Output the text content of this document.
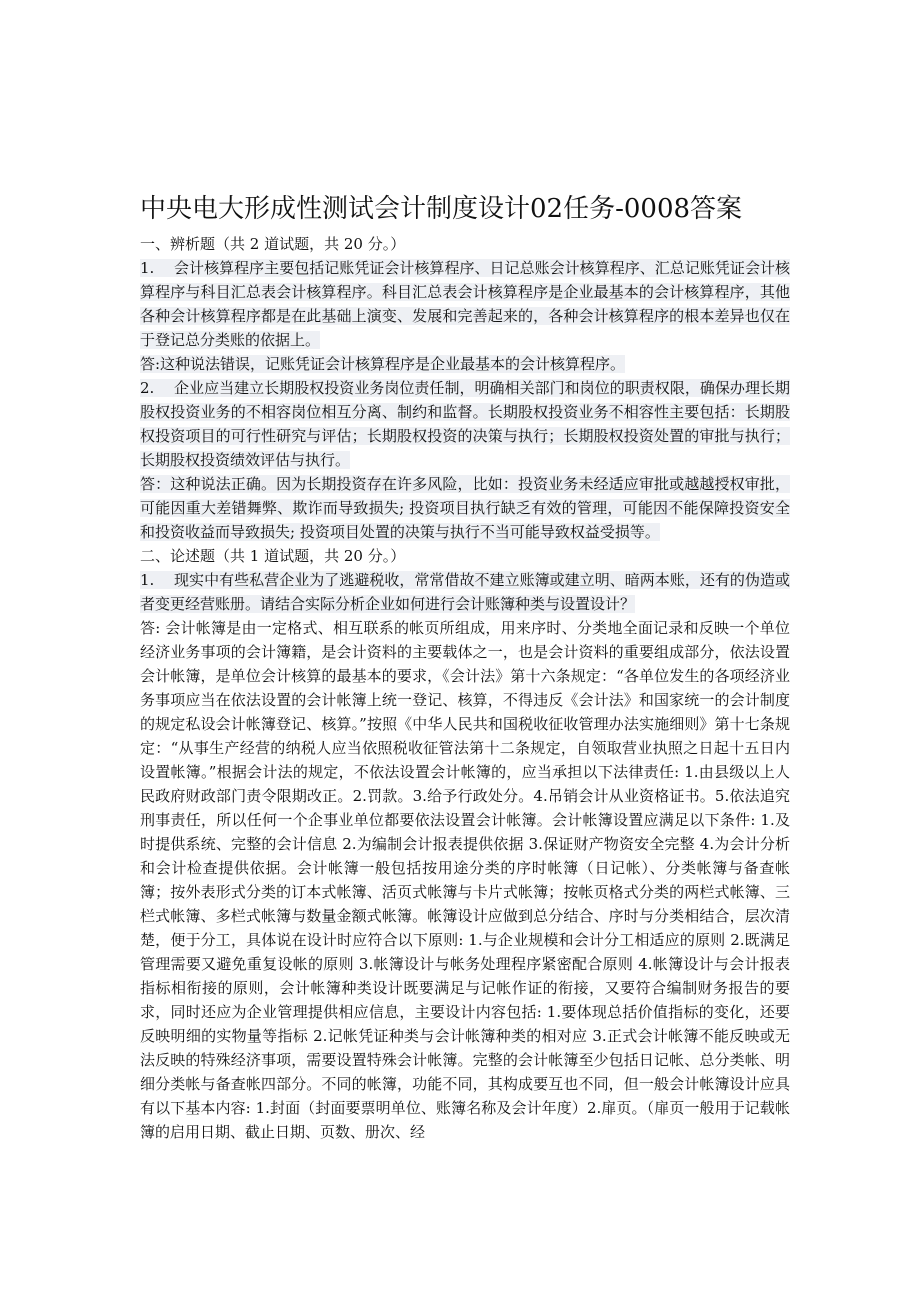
中央电大形成性测试会计制度设计02任务-0008答案

一、辨析题（共 2 道试题，共 20 分。）

1. 会计核算程序主要包括记账凭证会计核算程序、日记总账会计核算程序、汇总记账凭证会计核算程序与科目汇总表会计核算程序。科目汇总表会计核算程序是企业最基本的会计核算程序，其他各种会计核算程序都是在此基础上演变、发展和完善起来的，各种会计核算程序的根本差异也仅在于登记总分类账的依据上。

答:这种说法错误，记账凭证会计核算程序是企业最基本的会计核算程序。

2. 企业应当建立长期股权投资业务岗位责任制，明确相关部门和岗位的职责权限，确保办理长期股权投资业务的不相容岗位相互分离、制约和监督。长期股权投资业务不相容性主要包括：长期股权投资项目的可行性研究与评估；长期股权投资的决策与执行；长期股权投资处置的审批与执行；长期股权投资绩效评估与执行。

答：这种说法正确。因为长期投资存在许多风险，比如：投资业务未经适应审批或越越授权审批，可能因重大差错舞弊、欺诈而导致损失; 投资项目执行缺乏有效的管理，可能因不能保障投资安全和投资收益而导致损失; 投资项目处置的决策与执行不当可能导致权益受损等。

二、论述题（共 1 道试题，共 20 分。）

1. 现实中有些私营企业为了逃避税收，常常借故不建立账簿或建立明、暗两本账，还有的伪造或者变更经营账册。请结合实际分析企业如何进行会计账簿种类与设置设计？

答: 会计帐簿是由一定格式、相互联系的帐页所组成，用来序时、分类地全面记录和反映一个单位经济业务事项的会计簿籍，是会计资料的主要载体之一，也是会计资料的重要组成部分，依法设置会计帐簿，是单位会计核算的最基本的要求，《会计法》第十六条规定：“各单位发生的各项经济业务事项应当在依法设置的会计帐簿上统一登记、核算，不得违反《会计法》和国家统一的会计制度的规定私设会计帐簿登记、核算。”按照《中华人民共和国税收征收管理办法实施细则》第十七条规定：“从事生产经营的纳税人应当依照税收征管法第十二条规定，自领取营业执照之日起十五日内设置帐簿。”根据会计法的规定，不依法设置会计帐簿的，应当承担以下法律责任: 1.由县级以上人民政府财政部门责令限期改正。2.罚款。3.给予行政处分。4.吊销会计从业资格证书。5.依法追究刑事责任，所以任何一个企事业单位都要依法设置会计帐簿。会计帐簿设置应满足以下条件: 1.及时提供系统、完整的会计信息 2.为编制会计报表提供依据 3.保证财产物资安全完整 4.为会计分析和会计检查提供依据。会计帐簿一般包括按用途分类的序时帐簿（日记帐）、分类帐簿与备查帐簿；按外表形式分类的订本式帐簿、活页式帐簿与卡片式帐簿；按帐页格式分类的两栏式帐簿、三栏式帐簿、多栏式帐簿与数量金额式帐簿。帐簿设计应做到总分结合、序时与分类相结合，层次清楚，便于分工，具体说在设计时应符合以下原则: 1.与企业规模和会计分工相适应的原则 2.既满足管理需要又避免重复设帐的原则 3.帐簿设计与帐务处理程序紧密配合原则 4.帐簿设计与会计报表指标相衔接的原则，会计帐簿种类设计既要满足与记帐作证的衔接，又要符合编制财务报告的要求，同时还应为企业管理提供相应信息，主要设计内容包括: 1.要体现总括价值指标的变化，还要反映明细的实物量等指标 2.记帐凭证种类与会计帐簿种类的相对应 3.正式会计帐簿不能反映或无法反映的特殊经济事项，需要设置特殊会计帐簿。完整的会计帐簿至少包括日记帐、总分类帐、明细分类帐与备查帐四部分。不同的帐簿，功能不同，其构成要互也不同，但一般会计帐簿设计应具有以下基本内容: 1.封面（封面要票明单位、账簿名称及会计年度）2.扉页。（扉页一般用于记载帐簿的启用日期、截止日期、页数、册次、经
